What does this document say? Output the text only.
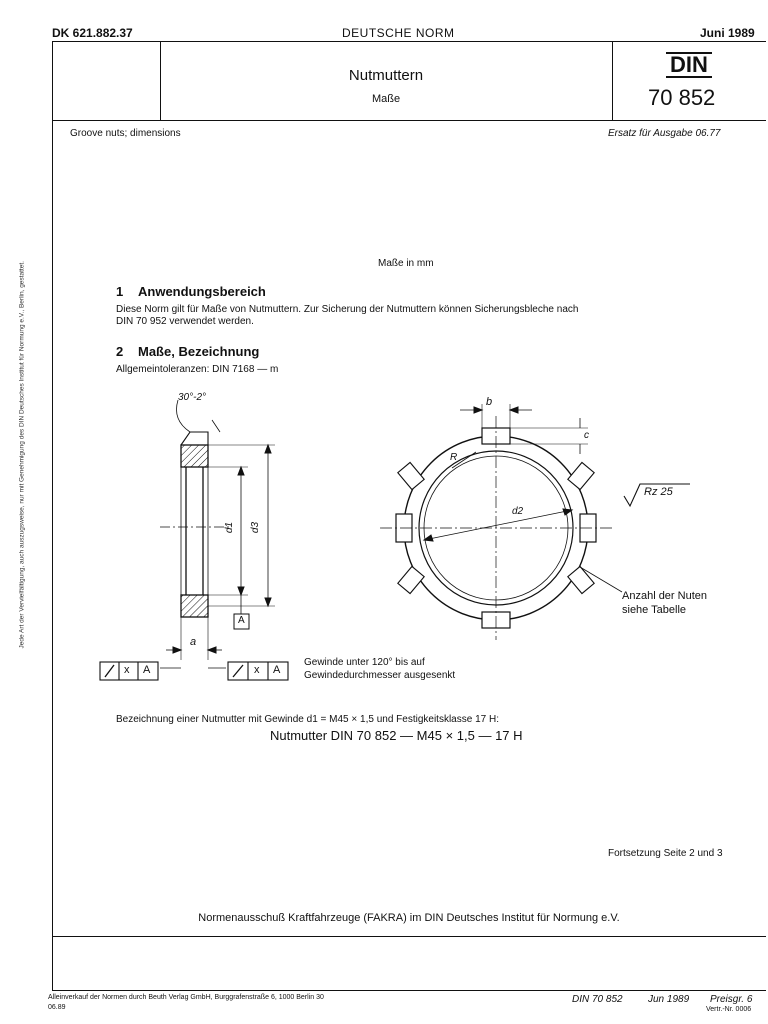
DK 621.882.37	DEUTSCHE NORM	Juni 1989
Nutmuttern
Maße
DIN
70 852
Groove nuts; dimensions	Ersatz für Ausgabe 06.77
Maße in mm
1 Anwendungsbereich
Diese Norm gilt für Maße von Nutmuttern. Zur Sicherung der Nutmuttern können Sicherungsbleche nach
DIN 70 952 verwendet werden.
2 Maße, Bezeichnung
Allgemeintoleranzen: DIN 7168 — m
30°-2°
a
d1 d3
A
b
c
R
d2
Rz 25
Anzahl der Nuten
siehe Tabelle
x A	x A
Gewinde unter 120° bis auf
Gewindedurchmesser ausgesenkt
Bezeichnung einer Nutmutter mit Gewinde d1 = M45 × 1,5 und Festigkeitsklasse 17 H:
Nutmutter DIN 70 852 — M45 × 1,5 — 17 H
Fortsetzung Seite 2 und 3
Normenausschuß Kraftfahrzeuge (FAKRA) im DIN Deutsches Institut für Normung e.V.
Jede Art der Vervielfältigung, auch auszugsweise, nur mit Genehmigung des DIN Deutsches Institut für Normung e.V., Berlin, gestattet.
Alleinverkauf der Normen durch Beuth Verlag GmbH, Burggrafenstraße 6, 1000 Berlin 30
06.89
DIN 70 852	Jun 1989 Preisgr. 6
Vertr.-Nr. 0006
